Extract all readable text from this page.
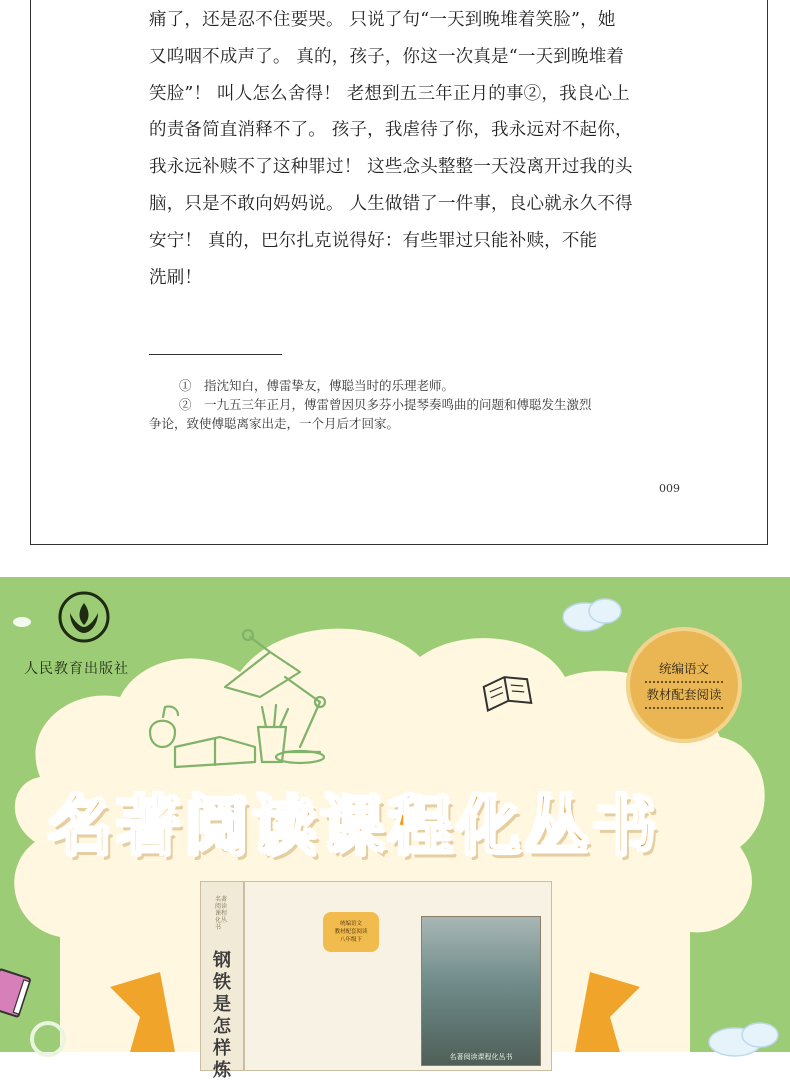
痛了，还是忍不住要哭。 只说了句“一天到晚堆着笑脸”，她
又呜咽不成声了。 真的，孩子，你这一次真是“一天到晚堆着
笑脸”！ 叫人怎么舍得！ 老想到五三年正月的事②，我良心上
的责备简直消释不了。 孩子，我虐待了你，我永远对不起你，
我永远补赎不了这种罪过！ 这些念头整整一天没离开过我的头
脑，只是不敢向妈妈说。 人生做错了一件事，良心就永久不得
安宁！ 真的，巴尔扎克说得好：有些罪过只能补赎，不能
洗刷！
①　指沈知白，傅雷挚友，傅聪当时的乐理老师。
②　一九五三年正月，傅雷曾因贝多芬小提琴奏鸣曲的问题和傅聪发生激烈
争论，致使傅聪离家出走，一个月后才回家。
009
人民教育出版社	统编语文
教材配套阅读
名著阅读课程化丛书
名著阅读课程化丛书
钢铁是怎样炼
统编语文
教材配套阅读
八年级下
名著阅读课程化丛书
